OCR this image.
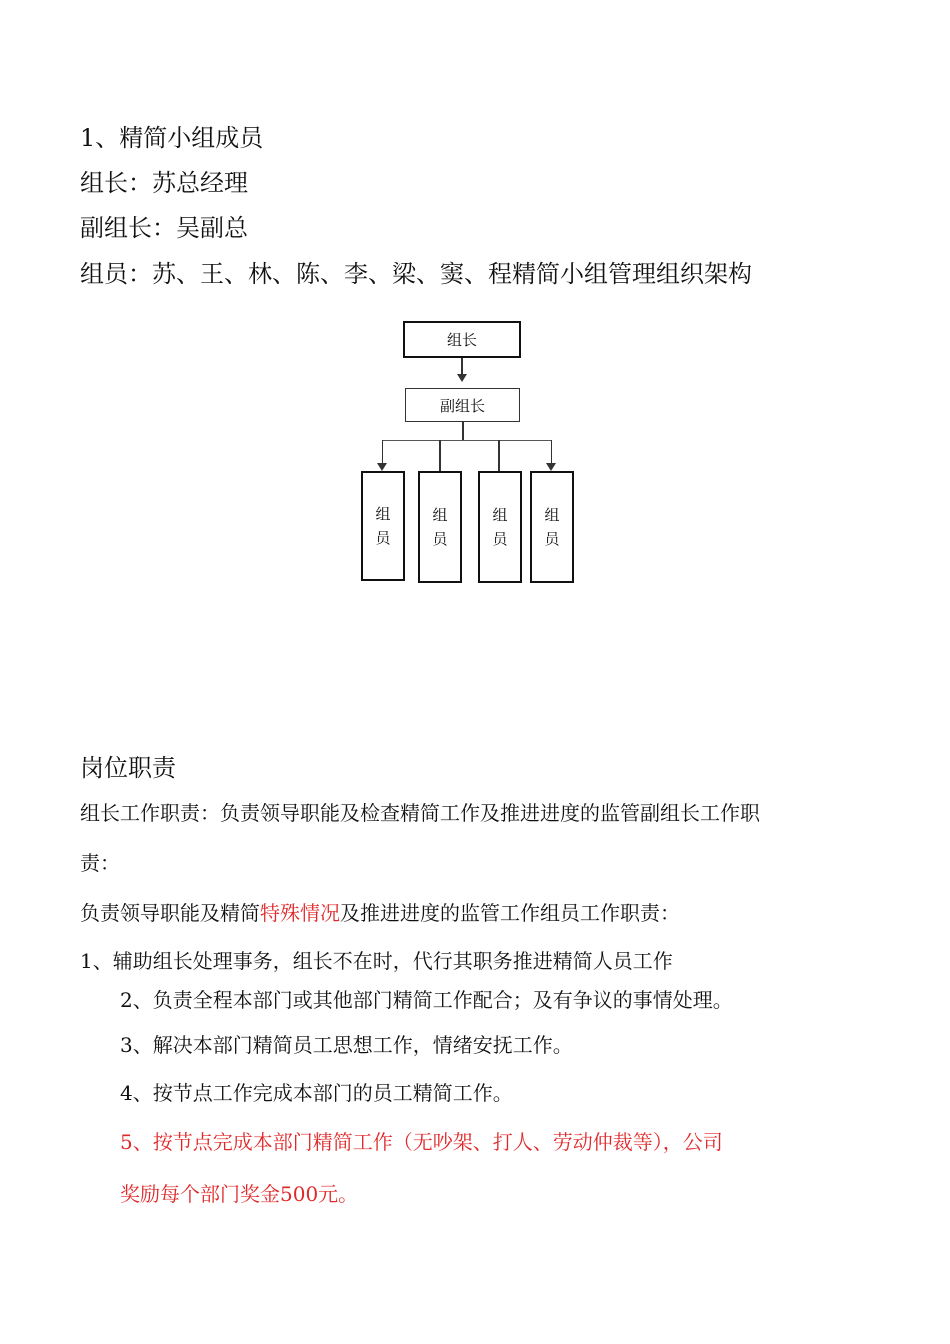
1、精简小组成员

组长：苏总经理

副组长：吴副总

组员：苏、王、林、陈、李、梁、窦、程精简小组管理组织架构

组长
副组长
组
员
组
员
组
员
组
员

岗位职责

组长工作职责：负责领导职能及检查精简工作及推进进度的监管副组长工作职

责：

负责领导职能及精简特殊情况及推进进度的监管工作组员工作职责：

1、辅助组长处理事务，组长不在时，代行其职务推进精简人员工作

2、负责全程本部门或其他部门精简工作配合；及有争议的事情处理。

3、解决本部门精简员工思想工作，情绪安抚工作。

4、按节点工作完成本部门的员工精简工作。

5、按节点完成本部门精简工作（无吵架、打人、劳动仲裁等），公司

奖励每个部门奖金500元。
